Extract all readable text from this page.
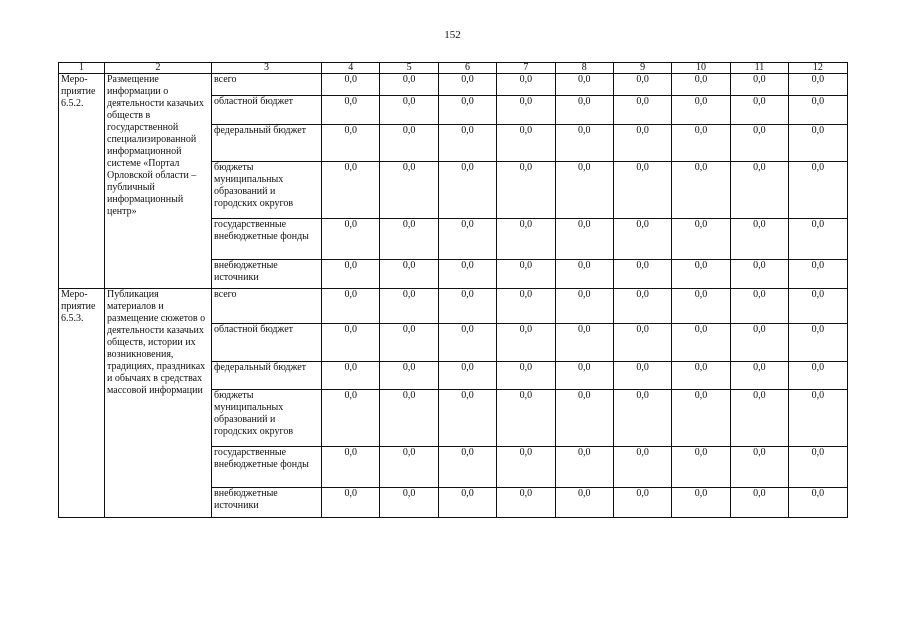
152
1	2	3	4	5	6	7	8	9	10	11	12
Меро-приятие 6.5.2.	Размещение информации о деятельности казачьих обществ в государственной специализированной информационной системе «Портал Орловской области – публичный информационный центр»	всего	0,0	0,0	0,0	0,0	0,0	0,0	0,0	0,0	0,0
		областной бюджет	0,0	0,0	0,0	0,0	0,0	0,0	0,0	0,0	0,0
		федеральный бюджет	0,0	0,0	0,0	0,0	0,0	0,0	0,0	0,0	0,0
		бюджеты муниципальных образований и городских округов	0,0	0,0	0,0	0,0	0,0	0,0	0,0	0,0	0,0
		государственные внебюджетные фонды	0,0	0,0	0,0	0,0	0,0	0,0	0,0	0,0	0,0
		внебюджетные источники	0,0	0,0	0,0	0,0	0,0	0,0	0,0	0,0	0,0
Меро-приятие 6.5.3.	Публикация материалов и размещение сюжетов о деятельности казачьих обществ, истории их возникновения, традициях, праздниках и обычаях в средствах массовой информации	всего	0,0	0,0	0,0	0,0	0,0	0,0	0,0	0,0	0,0
		областной бюджет	0,0	0,0	0,0	0,0	0,0	0,0	0,0	0,0	0,0
		федеральный бюджет	0,0	0,0	0,0	0,0	0,0	0,0	0,0	0,0	0,0
		бюджеты муниципальных образований и городских округов	0,0	0,0	0,0	0,0	0,0	0,0	0,0	0,0	0,0
		государственные внебюджетные фонды	0,0	0,0	0,0	0,0	0,0	0,0	0,0	0,0	0,0
		внебюджетные источники	0,0	0,0	0,0	0,0	0,0	0,0	0,0	0,0	0,0
